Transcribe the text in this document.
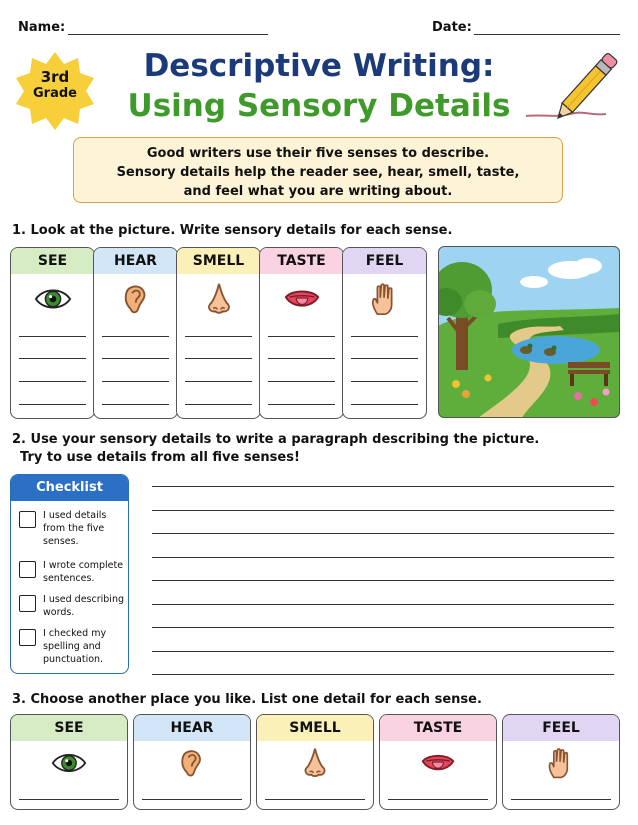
Name:	Date:
3rd
Grade
Descriptive Writing:
Using Sensory Details
Good writers use their five senses to describe.
Sensory details help the reader see, hear, smell, taste,
and feel what you are writing about.
1. Look at the picture. Write sensory details for each sense.
SEE	HEAR	SMELL	TASTE	FEEL
2. Use your sensory details to write a paragraph describing the picture.
Try to use details from all five senses!
Checklist
I used details from the five senses.
I wrote complete sentences.
I used describing words.
I checked my spelling and punctuation.
3. Choose another place you like. List one detail for each sense.
SEE	HEAR	SMELL	TASTE	FEEL
